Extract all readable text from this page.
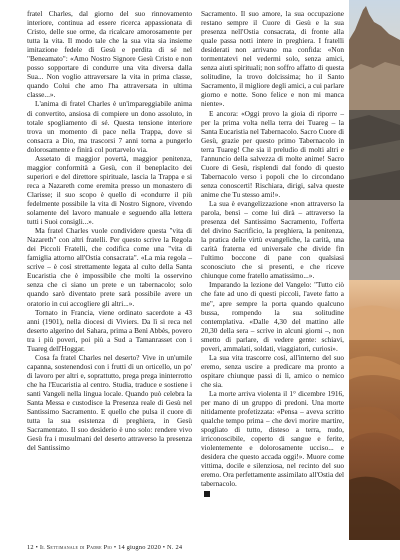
fratel Charles, dal giorno del suo rinnovamento interiore, continua ad essere ricerca appassionata di Cristo, delle sue orme, da ricalcare amorosamente per tutta la vita. Il modo tale che la sua vita sia insieme imitazione fedele di Gesù e perdita di sé nel "Beneamato": «Amo Nostro Signore Gesù Cristo e non posso sopportare di condurre una vita diversa dalla Sua... Non voglio attraversare la vita in prima classe, quando Colui che amo l'ha attraversata in ultima classe...».

L'anima di fratel Charles è un'impareggiabile anima di convertito, ansiosa di compiere un dono assoluto, in totale spogliamento di sé. Questa tensione interiore trova un momento di pace nella Trappa, dove si consacra a Dio, ma trascorsi 7 anni torna a pungerlo dolorosamente e finirà col portarvelo via.

Assetato di maggior povertà, maggior penitenza, maggior conformità a Gesù, con il beneplacito dei superiori e del direttore spirituale, lascia la Trappa e si reca a Nazareth come eremita presso un monastero di Clarisse; il suo scopo è quello di «condurre il più fedelmente possibile la vita di Nostro Signore, vivendo solamente del lavoro manuale e seguendo alla lettera tutti i Suoi consigli...».

Ma fratel Charles vuole condividere questa "vita di Nazareth" con altri fratelli. Per questo scrive la Regola dei Piccoli Fratelli, che codifica come una "vita di famiglia attorno all'Ostia consacrata". «La mia regola – scrive – è così strettamente legata al culto della Santa Eucaristia che è impossibile che molti la osservino senza che ci siano un prete e un tabernacolo; solo quando sarò diventato prete sarà possibile avere un oratorio in cui accogliere gli altri...».

Tornato in Francia, viene ordinato sacerdote a 43 anni (1901), nella diocesi di Viviers. Da lì si reca nel deserto algerino del Sahara, prima a Benì Abbès, povero tra i più poveri, poi più a Sud a Tamanrasset con i Tuareg dell'Hoggar.

Cosa fa fratel Charles nel deserto? Vive in un'umile capanna, sostenendosi con i frutti di un orticello, un po' di lavoro per altri e, soprattutto, prega prega ininterrotto che ha l'Eucaristia al centro. Studia, traduce e sostiene i santi Vangeli nella lingua locale. Quando può celebra la Santa Messa e custodisce la Presenza reale di Gesù nel Santissimo Sacramento. E quello che pulsa il cuore di tutta la sua esistenza di preghiera, in Gesù Sacramentato. Il suo desiderio è uno solo: rendere vivo Gesù fra i musulmani del deserto attraverso la presenza del Santissimo

Sacramento. Il suo amore, la sua occupazione restano sempre il Cuore di Gesù e la sua presenza nell'Ostia consacrata, di fronte alla quale passa notti intere in preghiera. I fratelli desiderati non arrivano ma confida: «Non tormentatevi nel vedermi solo, senza amici, senza aiuti spirituali; non soffro affatto di questa solitudine, la trovo dolcissima; ho il Santo Sacramento, il migliore degli amici, a cui parlare giorno e notte. Sono felice e non mi manca niente».

E ancora: «Oggi provo la gioia di riporre – per la prima volta nella terra dei Tuareg – la Santa Eucaristia nel Tabernacolo. Sacro Cuore di Gesù, grazie per questo primo Tabernacolo in terra Tuareg! Che sia il preludio di molti altri e l'annuncio della salvezza di molte anime! Sacro Cuore di Gesù, risplendi dal fondo di questo Tabernacolo verso i popoli che lo circondano senza conoscerti! Rischiara, dirigi, salva queste anime che Tu stesso ami!».

La sua è evangelizzazione «non attraverso la parola, bensì – come lui dirà – attraverso la presenza del Santissimo Sacramento, l'offerta del divino Sacrificio, la preghiera, la penitenza, la pratica delle virtù evangeliche, la carità, una carità fraterna ed universale che divide fin l'ultimo boccone di pane con qualsiasi sconosciuto che si presenti, e che riceve chiunque come fratello amatissimo...».

Imparando la lezione del Vangelo: "Tutto ciò che fate ad uno di questi piccoli, l'avete fatto a me", apre sempre la porta quando qualcuno bussa, rompendo la sua solitudine contemplativa. «Dalle 4,30 del mattino alle 20,30 della sera – scrive in alcuni giorni –, non smetto di parlare, di vedere gente: schiavi, poveri, ammalati, soldati, viaggiatori, curiosi».

La sua vita trascorre così, all'interno del suo eremo, senza uscire a predicare ma pronto a ospitare chiunque passi di lì, amico o nemico che sia.

La morte arriva violenta il 1° dicembre 1916, per mano di un gruppo di predoni. Una morte nitidamente profetizzata: «Pensa – aveva scritto qualche tempo prima – che devi morire martire, spogliato di tutto, disteso a terra, nudo, irriconoscibile, coperto di sangue e ferite, violentemente e dolorosamente ucciso... e desidera che questo accada oggi!». Muore come vittima, docile e silenziosa, nel recinto del suo eremo. Ora perfettamente assimilato all'Ostia del tabernacolo.

12 • Il Settimanale di Padre Pio • 14 giugno 2020 • N. 24
